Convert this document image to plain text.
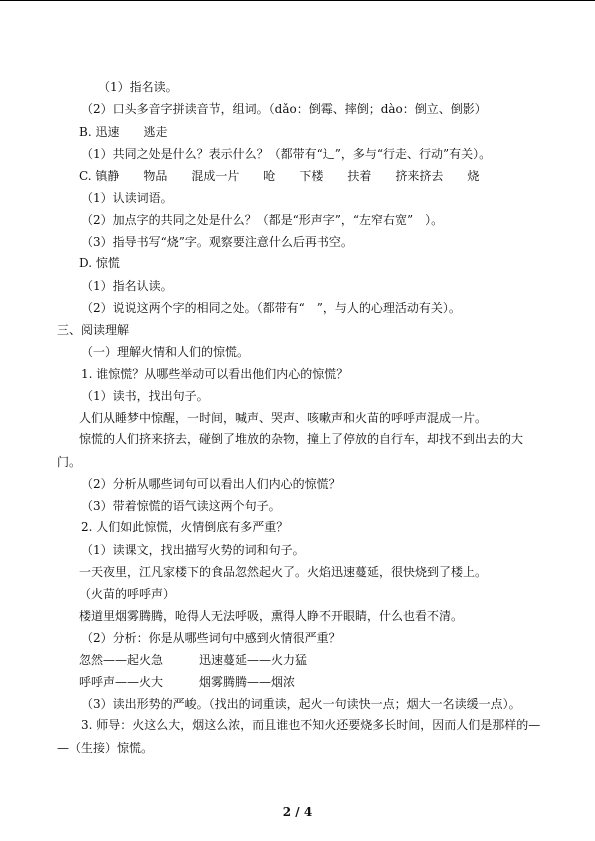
（1）指名读。
（2）口头多音字拼读音节，组词。（dǎo：倒霉、摔倒；dào：倒立、倒影）
B. 迅速　　逃走
（1）共同之处是什么？表示什么？（都带有“辶”，多与“行走、行动”有关）。
C. 镇静　　物品　　混成一片　　呛　　下楼　　扶着　　挤来挤去　　烧
（1）认读词语。
（2）加点字的共同之处是什么？（都是“形声字”，“左窄右宽”　）。
（3）指导书写“烧”字。观察要注意什么后再书空。
D. 惊慌
（1）指名认读。
（2）说说这两个字的相同之处。（都带有“　”，与人的心理活动有关）。
三、阅读理解
（一）理解火情和人们的惊慌。
1. 谁惊慌？从哪些举动可以看出他们内心的惊慌？
（1）读书，找出句子。
人们从睡梦中惊醒，一时间，喊声、哭声、咳嗽声和火苗的呼呼声混成一片。
惊慌的人们挤来挤去，碰倒了堆放的杂物，撞上了停放的自行车，却找不到出去的大
门。
（2）分析从哪些词句可以看出人们内心的惊慌？
（3）带着惊慌的语气读这两个句子。
2. 人们如此惊慌，火情倒底有多严重？
（1）读课文，找出描写火势的词和句子。
一天夜里，江凡家楼下的食品忽然起火了。火焰迅速蔓延，很快烧到了楼上。
（火苗的呼呼声）
楼道里烟雾腾腾，呛得人无法呼吸，熏得人睁不开眼睛，什么也看不清。
（2）分析：你是从哪些词句中感到火情很严重？
忽然——起火急　　　迅速蔓延——火力猛
呼呼声——火大　　　烟雾腾腾——烟浓
（3）读出形势的严峻。（找出的词重读，起火一句读快一点；烟大一名读缓一点）。
3. 师导：火这么大，烟这么浓，而且谁也不知火还要烧多长时间，因而人们是那样的—
—（生接）惊慌。
2 / 4
